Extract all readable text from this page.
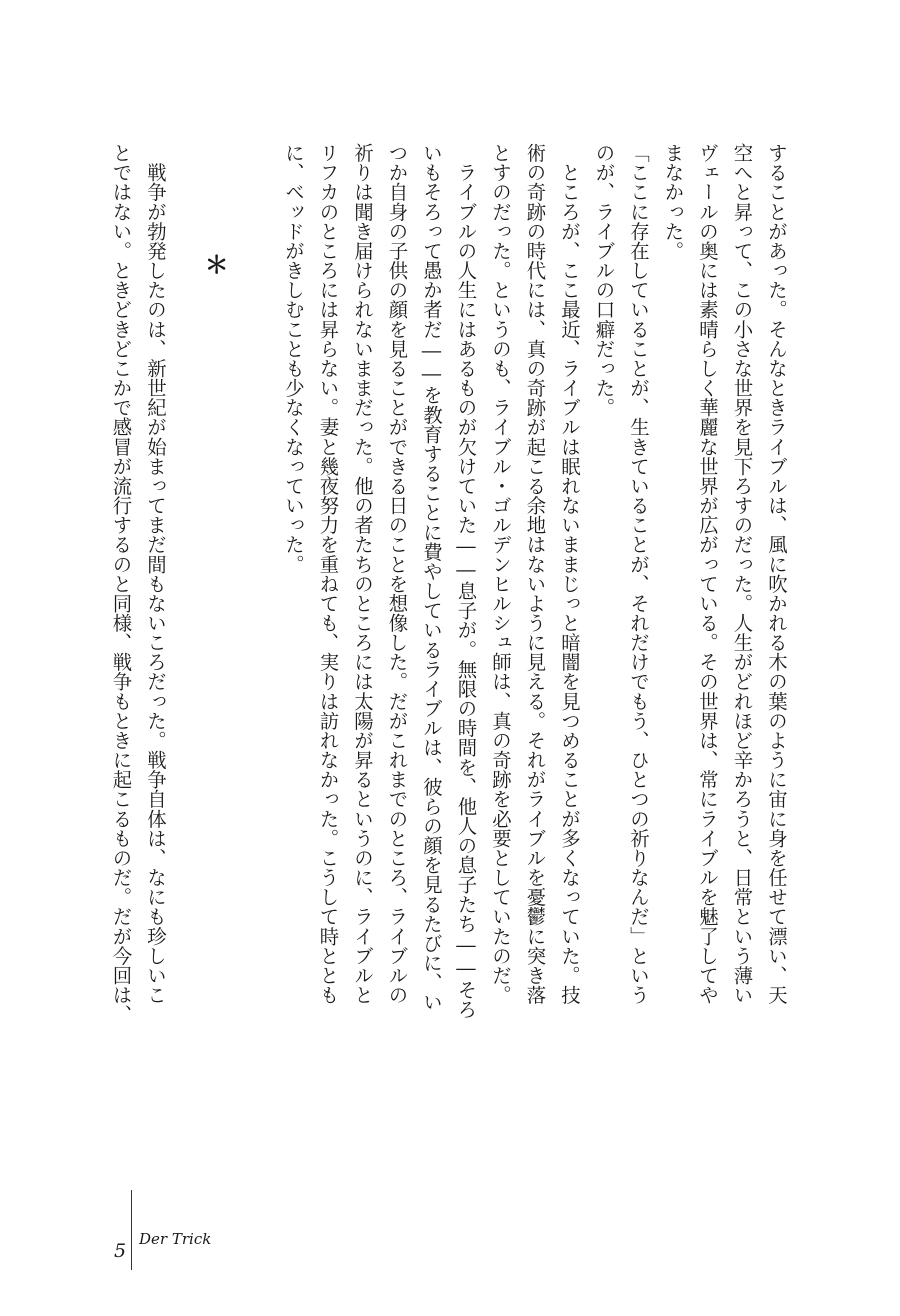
することがあった。そんなときライブルは、風に吹かれる木の葉のように宙に身を任せて漂い、天
空へと昇って、この小さな世界を見下ろすのだった。人生がどれほど辛かろうと、日常という薄い
ヴェールの奥には素晴らしく華麗な世界が広がっている。その世界は、常にライブルを魅了してや
まなかった。
「ここに存在していることが、生きていることが、それだけでもう、ひとつの祈りなんだ」という
のが、ライブルの口癖だった。
　ところが、ここ最近、ライブルは眠れないままじっと暗闇を見つめることが多くなっていた。技
術の奇跡の時代には、真の奇跡が起こる余地はないように見える。それがライブルを憂鬱に突き落
とすのだった。というのも、ライブル・ゴルデンヒルシュ師は、真の奇跡を必要としていたのだ。
　ライブルの人生にはあるものが欠けていた――息子が。無限の時間を、他人の息子たち――そろ
いもそろって愚か者だ――を教育することに費やしているライブルは、彼らの顔を見るたびに、い
つか自身の子供の顔を見ることができる日のことを想像した。だがこれまでのところ、ライブルの
祈りは聞き届けられないままだった。他の者たちのところには太陽が昇るというのに、ライブルと
リフカのところには昇らない。妻と幾夜努力を重ねても、実りは訪れなかった。こうして時ととも
に、ベッドがきしむことも少なくなっていった。
＊
　戦争が勃発したのは、新世紀が始まってまだ間もないころだった。戦争自体は、なにも珍しいこ
とではない。ときどきどこかで感冒が流行するのと同様、戦争もときに起こるものだ。だが今回は、
5
Der Trick
